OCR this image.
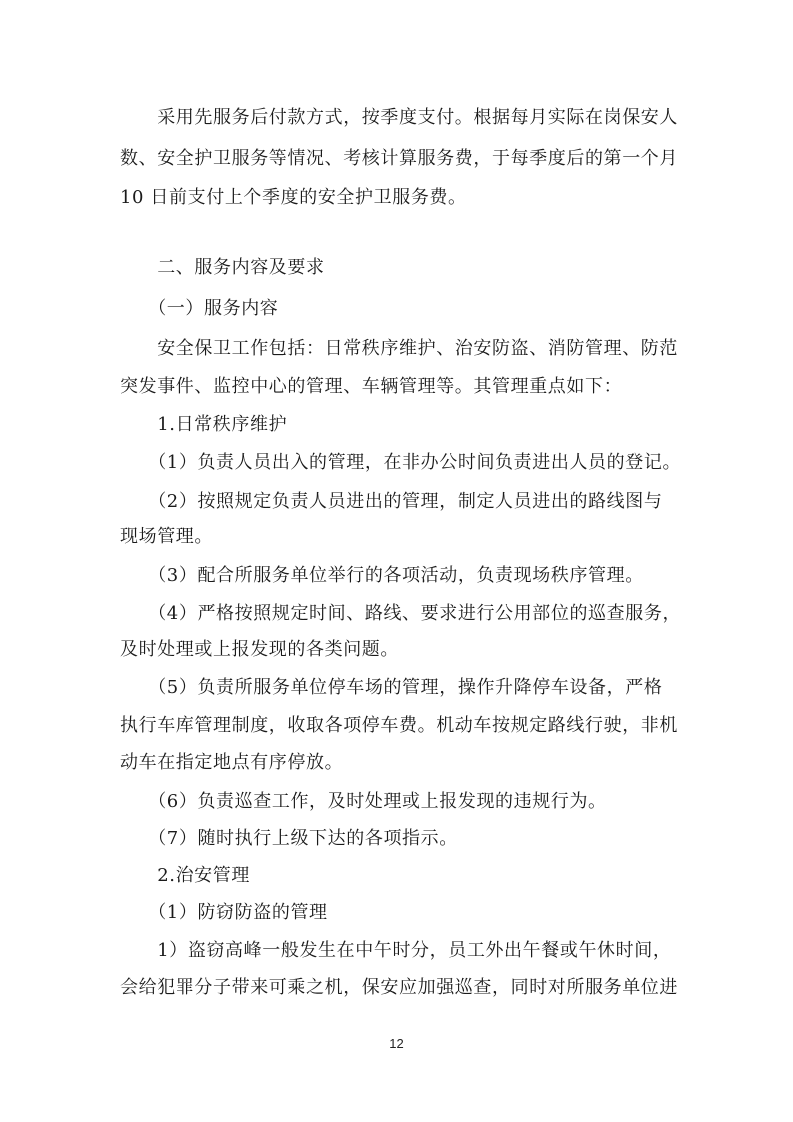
　　采用先服务后付款方式，按季度支付。根据每月实际在岗保安人
数、安全护卫服务等情况、考核计算服务费，于每季度后的第一个月
10 日前支付上个季度的安全护卫服务费。
　　二、服务内容及要求
　　（一）服务内容
　　安全保卫工作包括：日常秩序维护、治安防盗、消防管理、防范
突发事件、监控中心的管理、车辆管理等。其管理重点如下：
　　1.日常秩序维护
　　（1）负责人员出入的管理，在非办公时间负责进出人员的登记。
　　（2）按照规定负责人员进出的管理，制定人员进出的路线图与
现场管理。
　　（3）配合所服务单位举行的各项活动，负责现场秩序管理。
　　（4）严格按照规定时间、路线、要求进行公用部位的巡查服务，
及时处理或上报发现的各类问题。
　　（5）负责所服务单位停车场的管理，操作升降停车设备，严格
执行车库管理制度，收取各项停车费。机动车按规定路线行驶，非机
动车在指定地点有序停放。
　　（6）负责巡查工作，及时处理或上报发现的违规行为。
　　（7）随时执行上级下达的各项指示。
　　2.治安管理
　　（1）防窃防盗的管理
　　1）盗窃高峰一般发生在中午时分，员工外出午餐或午休时间，
会给犯罪分子带来可乘之机，保安应加强巡查，同时对所服务单位进
12
